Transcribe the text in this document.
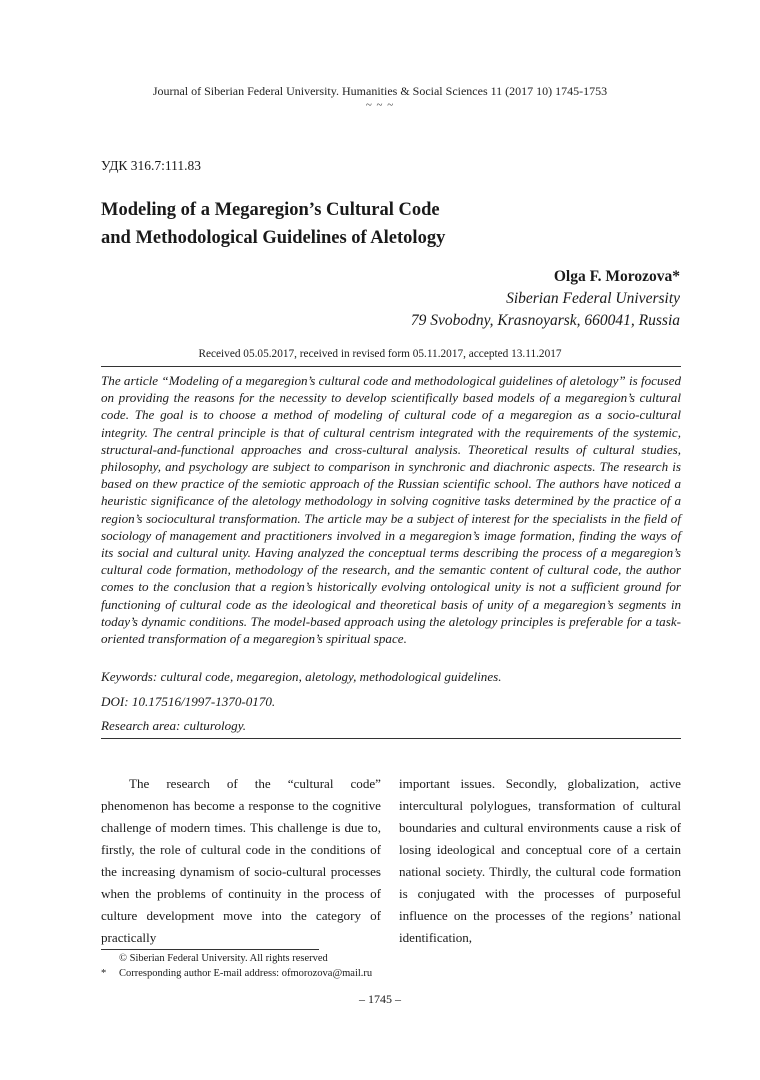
Journal of Siberian Federal University. Humanities & Social Sciences 11 (2017 10) 1745-1753
~ ~ ~
УДК 316.7:111.83
Modeling of a Megaregion’s Cultural Code
and Methodological Guidelines of Aletology
Olga F. Morozova*
Siberian Federal University
79 Svobodny, Krasnoyarsk, 660041, Russia
Received 05.05.2017, received in revised form 05.11.2017, accepted 13.11.2017

The article “Modeling of a megaregion’s cultural code and methodological guidelines of aletology” is focused on providing the reasons for the necessity to develop scientifically based models of a megaregion’s cultural code. The goal is to choose a method of modeling of cultural code of a megaregion as a socio-cultural integrity. The central principle is that of cultural centrism integrated with the requirements of the systemic, structural-and-functional approaches and cross-cultural analysis. Theoretical results of cultural studies, philosophy, and psychology are subject to comparison in synchronic and diachronic aspects. The research is based on thew practice of the semiotic approach of the Russian scientific school. The authors have noticed a heuristic significance of the aletology methodology in solving cognitive tasks determined by the practice of a region’s sociocultural transformation. The article may be a subject of interest for the specialists in the field of sociology of management and practitioners involved in a megaregion’s image formation, finding the ways of its social and cultural unity. Having analyzed the conceptual terms describing the process of a megaregion’s cultural code formation, methodology of the research, and the semantic content of cultural code, the author comes to the conclusion that a region’s historically evolving ontological unity is not a sufficient ground for functioning of cultural code as the ideological and theoretical basis of unity of a megaregion’s segments in today’s dynamic conditions. The model-based approach using the aletology principles is preferable for a task-oriented transformation of a megaregion’s spiritual space.

Keywords: cultural code, megaregion, aletology, methodological guidelines.
DOI: 10.17516/1997-1370-0170.
Research area: culturology.
The research of the “cultural code” phenomenon has become a response to the cognitive challenge of modern times. This challenge is due to, firstly, the role of cultural code in the conditions of the increasing dynamism of socio-cultural processes when the problems of continuity in the process of culture development move into the category of practically
important issues. Secondly, globalization, active intercultural polylogues, transformation of cultural boundaries and cultural environments cause a risk of losing ideological and conceptual core of a certain national society. Thirdly, the cultural code formation is conjugated with the processes of purposeful influence on the processes of the regions’ national identification,
© Siberian Federal University. All rights reserved
* Corresponding author E-mail address: ofmorozova@mail.ru
– 1745 –
